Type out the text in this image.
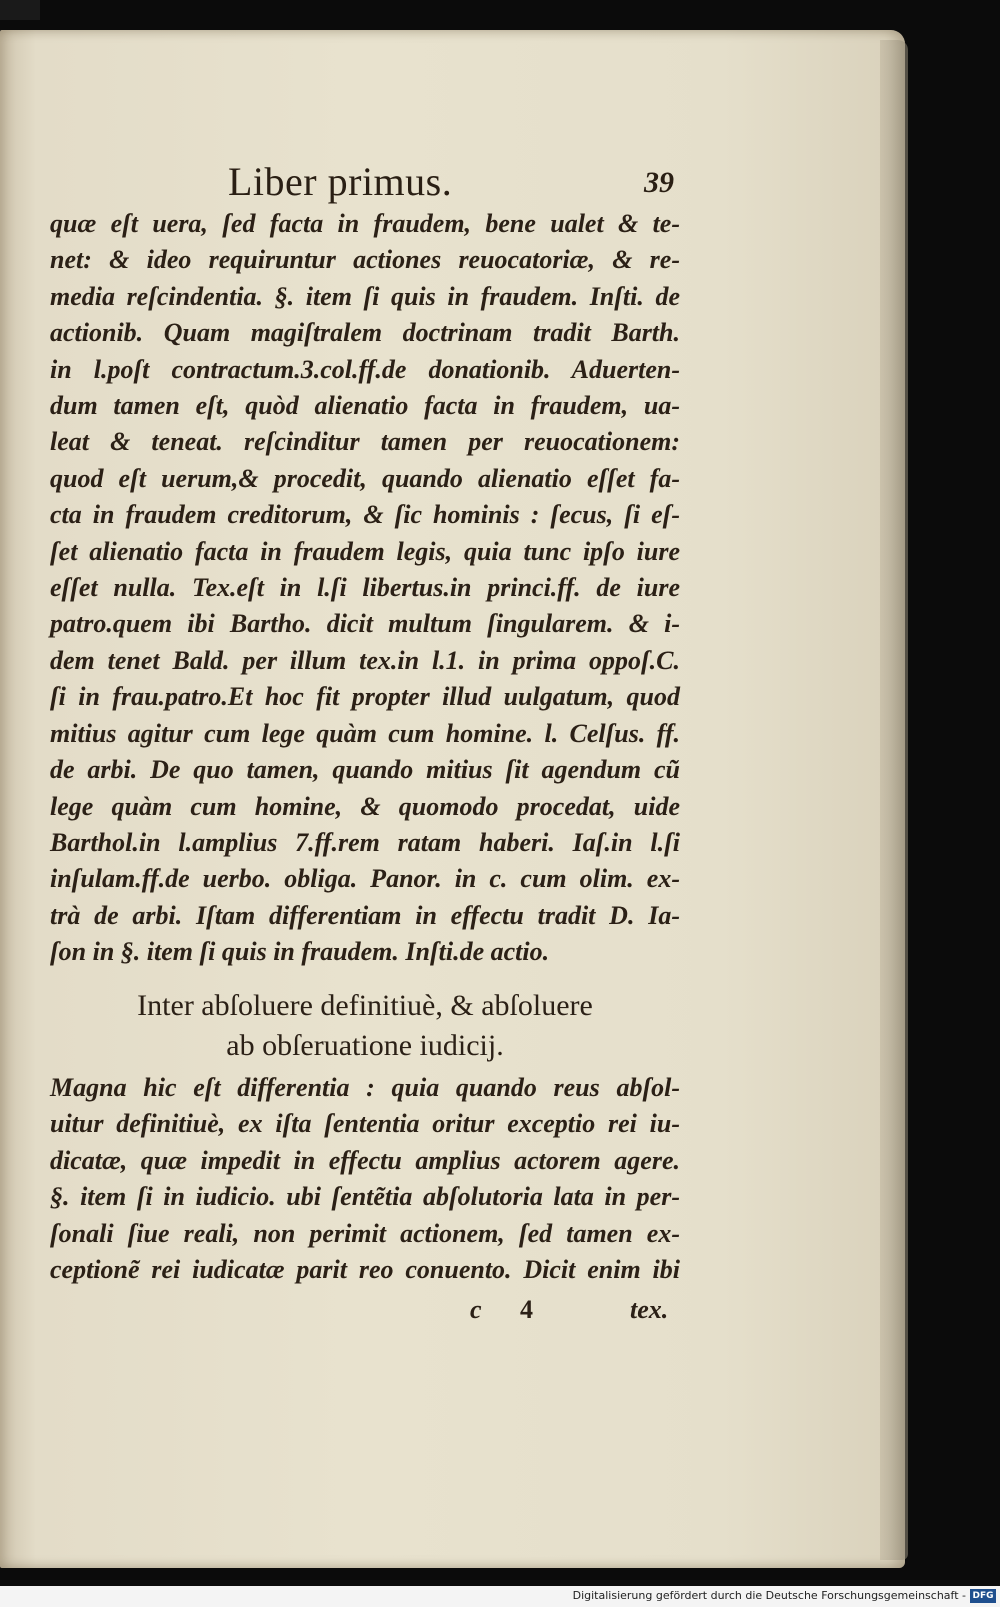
Liber primus.	39
quæ eſt uera, ſed facta in fraudem, bene ualet & te-
net: & ideo requiruntur actiones reuocatoriæ, & re-
media reſcindentia. §. item ſi quis in fraudem. Inſti. de
actionib. Quam magiſtralem doctrinam tradit Barth.
in l.poſt contractum.3.col.ff.de donationib. Aduerten-
dum tamen eſt, quòd alienatio facta in fraudem, ua-
leat & teneat. reſcinditur tamen per reuocationem:
quod eſt uerum,& procedit, quando alienatio eſſet fa-
cta in fraudem creditorum, & ſic hominis : ſecus, ſi eſ-
ſet alienatio facta in fraudem legis, quia tunc ipſo iure
eſſet nulla. Tex.eſt in l.ſi libertus.in princi.ff. de iure
patro.quem ibi Bartho. dicit multum ſingularem. & i-
dem tenet Bald. per illum tex.in l.1. in prima oppoſ.C.
ſi in frau.patro.Et hoc fit propter illud uulgatum, quod
mitius agitur cum lege quàm cum homine. l. Celſus. ff.
de arbi. De quo tamen, quando mitius ſit agendum cũ
lege quàm cum homine, & quomodo procedat, uide
Barthol.in l.amplius 7.ff.rem ratam haberi. Iaſ.in l.ſi
inſulam.ff.de uerbo. obliga. Panor. in c. cum olim. ex-
trà de arbi. Iſtam differentiam in effectu tradit D. Ia-
ſon in §. item ſi quis in fraudem. Inſti.de actio.
Inter abſoluere definitiuè, & abſoluere
ab obſeruatione iudicij.
Magna hic eſt differentia : quia quando reus abſol-
uitur definitiuè, ex iſta ſententia oritur exceptio rei iu-
dicatæ, quæ impedit in effectu amplius actorem agere.
§. item ſi in iudicio. ubi ſentẽtia abſolutoria lata in per-
ſonali ſiue reali, non perimit actionem, ſed tamen ex-
ceptionẽ rei iudicatæ parit reo conuento. Dicit enim ibi
c 4	tex.
Digitalisierung gefördert durch die Deutsche Forschungsgemeinschaft - DFG
